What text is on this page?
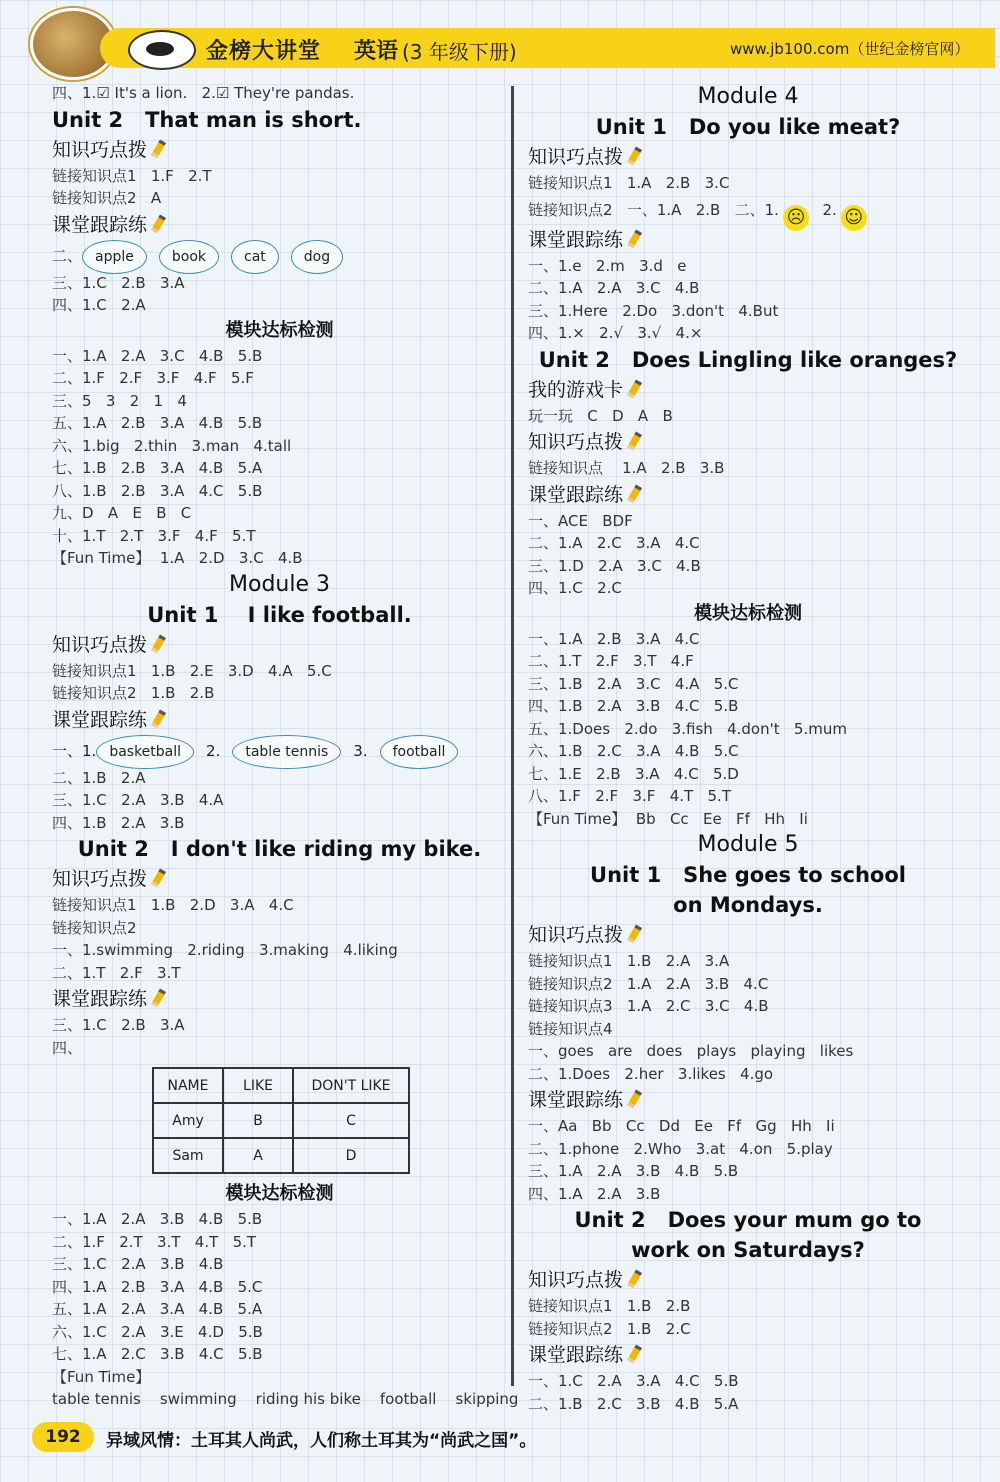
金榜大讲堂 英语 (3 年级下册)	www.jb100.com（世纪金榜官网）
四、1.☑ It's a lion.   2.☑ They're pandas.
Unit 2   That man is short.
知识巧点拨
链接知识点1   1.F   2.T
链接知识点2   A
课堂跟踪练
二、 apple	book	cat	dog
三、1.C   2.B   3.A
四、1.C   2.A
模块达标检测
一、1.A   2.A   3.C   4.B   5.B
二、1.F   2.F   3.F   4.F   5.F
三、5   3   2   1   4
五、1.A   2.B   3.A   4.B   5.B
六、1.big   2.thin   3.man   4.tall
七、1.B   2.B   3.A   4.B   5.A
八、1.B   2.B   3.A   4.C   5.B
九、D   A   E   B   C
十、1.T   2.T   3.F   4.F   5.T
【Fun Time】  1.A   2.D   3.C   4.B
Module 3
Unit 1    I like football.
知识巧点拨
链接知识点1   1.B   2.E   3.D   4.A   5.C
链接知识点2   1.B   2.B
课堂跟踪练
一、1. basketball 2. table tennis 3. football
二、1.B   2.A
三、1.C   2.A   3.B   4.A
四、1.B   2.A   3.B
Unit 2   I don't like riding my bike.
知识巧点拨
链接知识点1   1.B   2.D   3.A   4.C
链接知识点2
一、1.swimming   2.riding   3.making   4.liking
二、1.T   2.F   3.T
课堂跟踪练
三、1.C   2.B   3.A
四、
NAME	LIKE	DON'T LIKE
Amy	B	C
Sam	A	D
模块达标检测
一、1.A   2.A   3.B   4.B   5.B
二、1.F   2.T   3.T   4.T   5.T
三、1.C   2.A   3.B   4.B
四、1.A   2.B   3.A   4.B   5.C
五、1.A   2.A   3.A   4.B   5.A
六、1.C   2.A   3.E   4.D   5.B
七、1.A   2.C   3.B   4.C   5.B
【Fun Time】
table tennis    swimming    riding his bike    football    skipping
Module 4
Unit 1   Do you like meat?
知识巧点拨
链接知识点1   1.A   2.B   3.C
链接知识点2   一、1.A   2.B   二、1. ☹  2. ☺
课堂跟踪练
一、1.e   2.m   3.d   e
二、1.A   2.A   3.C   4.B
三、1.Here   2.Do   3.don't   4.But
四、1.×   2.√   3.√   4.×
Unit 2   Does Lingling like oranges?
我的游戏卡
玩一玩   C   D   A   B
知识巧点拨
链接知识点    1.A   2.B   3.B
课堂跟踪练
一、ACE   BDF
二、1.A   2.C   3.A   4.C
三、1.D   2.A   3.C   4.B
四、1.C   2.C
模块达标检测
一、1.A   2.B   3.A   4.C
二、1.T   2.F   3.T   4.F
三、1.B   2.A   3.C   4.A   5.C
四、1.B   2.A   3.B   4.C   5.B
五、1.Does   2.do   3.fish   4.don't   5.mum
六、1.B   2.C   3.A   4.B   5.C
七、1.E   2.B   3.A   4.C   5.D
八、1.F   2.F   3.F   4.T   5.T
【Fun Time】  Bb   Cc   Ee   Ff   Hh   Ii
Module 5
Unit 1   She goes to school
on Mondays.
知识巧点拨
链接知识点1   1.B   2.A   3.A
链接知识点2   1.A   2.A   3.B   4.C
链接知识点3   1.A   2.C   3.C   4.B
链接知识点4
一、goes   are   does   plays   playing   likes
二、1.Does   2.her   3.likes   4.go
课堂跟踪练
一、Aa   Bb   Cc   Dd   Ee   Ff   Gg   Hh   Ii
二、1.phone   2.Who   3.at   4.on   5.play
三、1.A   2.A   3.B   4.B   5.B
四、1.A   2.A   3.B
Unit 2   Does your mum go to
work on Saturdays?
知识巧点拨
链接知识点1   1.B   2.B
链接知识点2   1.B   2.C
课堂跟踪练
一、1.C   2.A   3.A   4.C   5.B
二、1.B   2.C   3.B   4.B   5.A
192	异域风情：土耳其人尚武，人们称土耳其为“尚武之国”。
